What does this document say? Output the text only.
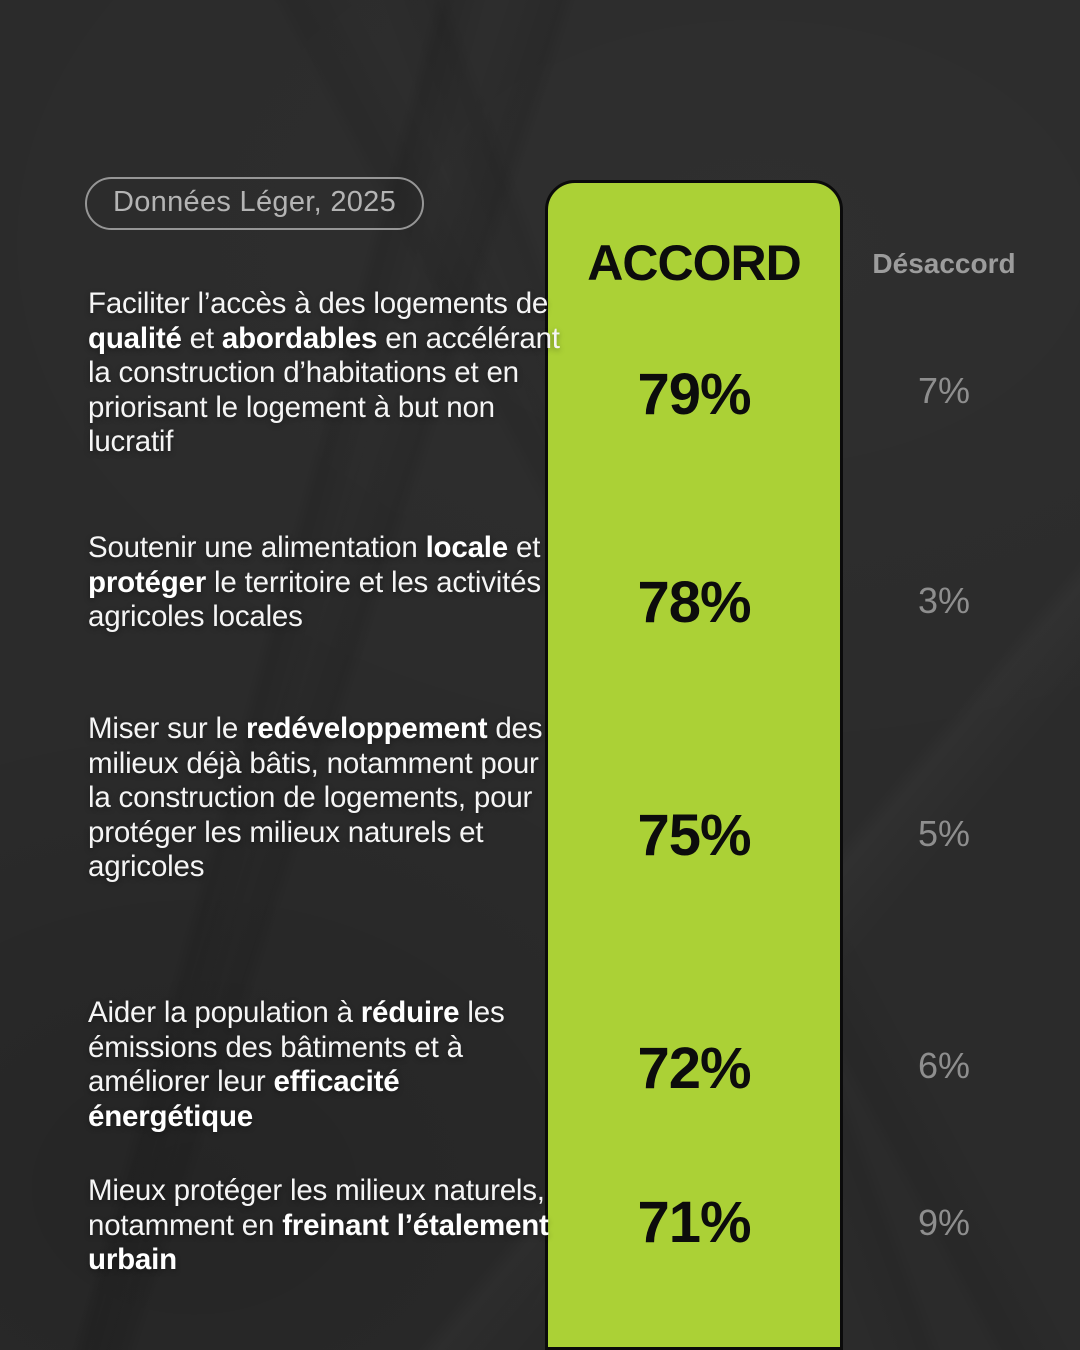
Données Léger, 2025
ACCORD	Désaccord

Faciliter l’accès à des logements de qualité et abordables en accélérant la construction d’habitations et en priorisant le logement à but non lucratif

Soutenir une alimentation locale et protéger le territoire et les activités agricoles locales

Miser sur le redéveloppement des milieux déjà bâtis, notamment pour la construction de logements, pour protéger les milieux naturels et agricoles

Aider la population à réduire les émissions des bâtiments et à améliorer leur efficacité énergétique

Mieux protéger les milieux naturels, notamment en freinant l’étalement urbain

79%
78%
75%
72%
71%
7%
3%
5%
6%
9%
